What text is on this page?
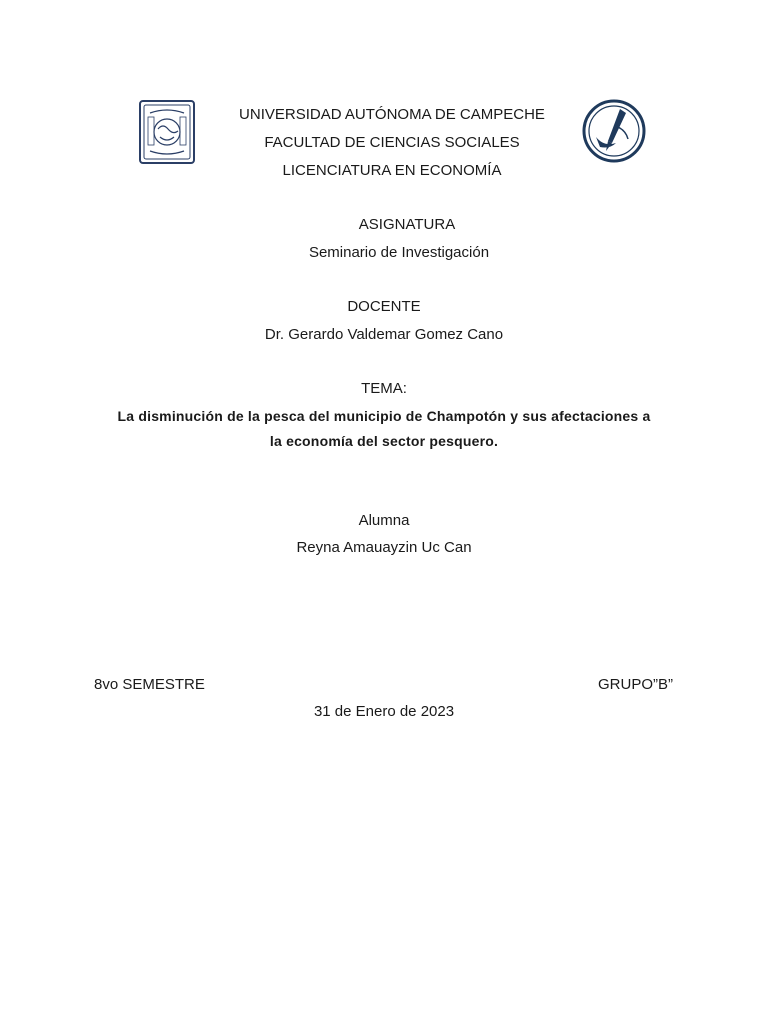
UNIVERSIDAD AUTÓNOMA DE CAMPECHE
FACULTAD DE CIENCIAS SOCIALES
LICENCIATURA EN ECONOMÍA
ASIGNATURA
Seminario de Investigación
DOCENTE
Dr. Gerardo Valdemar Gomez Cano
TEMA:
La disminución de la pesca del municipio de Champotón y sus afectaciones a
la economía del sector pesquero.
Alumna
Reyna Amauayzin Uc Can
8vo SEMESTRE	GRUPO”B”
31 de Enero de 2023
